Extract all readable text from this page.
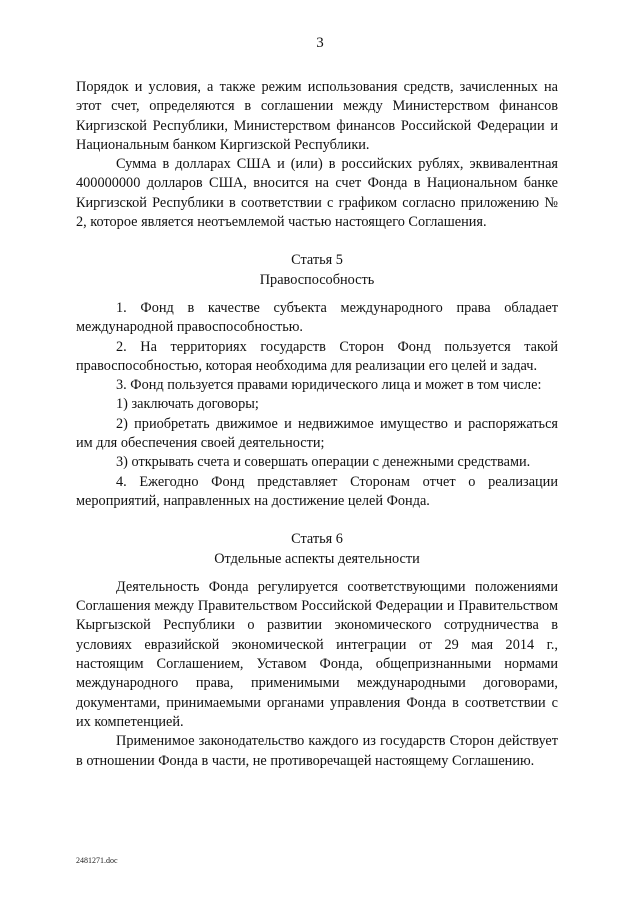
3

Порядок и условия, а также режим использования средств, зачисленных на этот счет, определяются в соглашении между Министерством финансов Киргизской Республики, Министерством финансов Российской Федерации и Национальным банком Киргизской Республики.

Сумма в долларах США и (или) в российских рублях, эквивалентная 400000000 долларов США, вносится на счет Фонда в Национальном банке Киргизской Республики в соответствии с графиком согласно приложению № 2, которое является неотъемлемой частью настоящего Соглашения.

Статья 5

Правоспособность

1. Фонд в качестве субъекта международного права обладает международной правоспособностью.

2. На территориях государств Сторон Фонд пользуется такой правоспособностью, которая необходима для реализации его целей и задач.

3. Фонд пользуется правами юридического лица и может в том числе:

1) заключать договоры;

2) приобретать движимое и недвижимое имущество и распоряжаться им для обеспечения своей деятельности;

3) открывать счета и совершать операции с денежными средствами.

4. Ежегодно Фонд представляет Сторонам отчет о реализации мероприятий, направленных на достижение целей Фонда.

Статья 6

Отдельные аспекты деятельности

Деятельность Фонда регулируется соответствующими положениями Соглашения между Правительством Российской Федерации и Правительством Кыргызской Республики о развитии экономического сотрудничества в условиях евразийской экономической интеграции от 29 мая 2014 г., настоящим Соглашением, Уставом Фонда, общепризнанными нормами международного права, применимыми международными договорами, документами, принимаемыми органами управления Фонда в соответствии с их компетенцией.

Применимое законодательство каждого из государств Сторон действует в отношении Фонда в части, не противоречащей настоящему Соглашению.

2481271.doc
